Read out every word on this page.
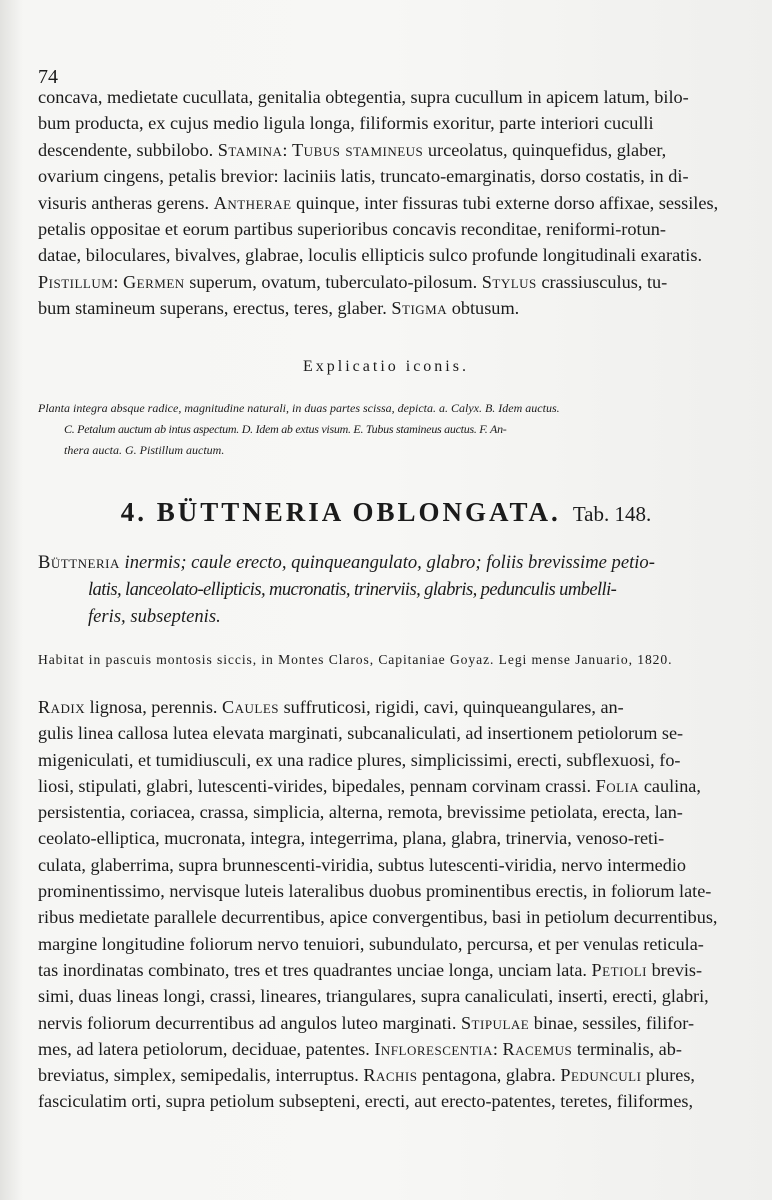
74
concava, medietate cucullata, genitalia obtegentia, supra cucullum in apicem latum, bilo-
bum producta, ex cujus medio ligula longa, filiformis exoritur, parte interiori cuculli
descendente, subbilobo. Stamina: Tubus staminеus urceolatus, quinquefidus, glaber,
ovarium cingens, petalis brevior: laciniis latis, truncato-emarginatis, dorso costatis, in di-
visuris antheras gerens. Antherae quinque, inter fissuras tubi externe dorso affixae, sessiles,
petalis oppositae et eorum partibus superioribus concavis reconditae, reniformi-rotun-
datae, biloculares, bivalves, glabrae, loculis ellipticis sulco profunde longitudinali exaratis.
Pistillum: Germen superum, ovatum, tuberculato-pilosum. Stylus crassiusculus, tu-
bum stamineum superans, erectus, teres, glaber. Stigma obtusum.
Explicatio iconis.
Planta integra absque radice, magnitudine naturali, in duas partes scissa, depicta. a. Calyx. B. Idem auctus.
C. Petalum auctum ab intus aspectum. D. Idem ab extus visum. E. Tubus stamineus auctus. F. An-
thera aucta. G. Pistillum auctum.
4. BÜTTNERIA OBLONGATA. Tab. 148.
Büttneria inermis; caule erecto, quinqueangulato, glabro; foliis brevissime petio-
latis, lanceolato-ellipticis, mucronatis, trinerviis, glabris, pedunculis umbelli-
feris, subseptenis.
Habitat in pascuis montosis siccis, in Montes Claros, Capitaniae Goyaz. Legi mense Januario, 1820.
Radix lignosa, perennis. Caules suffruticosi, rigidi, cavi, quinqueangulares, an-
gulis linea callosa lutea elevata marginati, subcanaliculati, ad insertionem petiolorum se-
migeniculati, et tumidiusculi, ex una radice plures, simplicissimi, erecti, subflexuosi, fo-
liosi, stipulati, glabri, lutescenti-virides, bipedales, pennam corvinam crassi. Folia caulina,
persistentia, coriacea, crassa, simplicia, alterna, remota, brevissime petiolata, erecta, lan-
ceolato-elliptica, mucronata, integra, integerrima, plana, glabra, trinervia, venoso-reti-
culata, glaberrima, supra brunnescenti-viridia, subtus lutescenti-viridia, nervo intermedio
prominentissimo, nervisque luteis lateralibus duobus prominentibus erectis, in foliorum late-
ribus medietate parallele decurrentibus, apice convergentibus, basi in petiolum decurrentibus,
margine longitudine foliorum nervo tenuiori, subundulato, percursa, et per venulas reticula-
tas inordinatas combinato, tres et tres quadrantes unciae longa, unciam lata. Petioli brevis-
simi, duas lineas longi, crassi, lineares, triangulares, supra canaliculati, inserti, erecti, glabri,
nervis foliorum decurrentibus ad angulos luteo marginati. Stipulae binae, sessiles, filifor-
mes, ad latera petiolorum, deciduae, patentes. Inflorescentia: Racemus terminalis, ab-
breviatus, simplex, semipedalis, interruptus. Rachis pentagona, glabra. Pedunculi plures,
fasciculatim orti, supra petiolum subsepteni, erecti, aut erecto-patentes, teretes, filiformes,
